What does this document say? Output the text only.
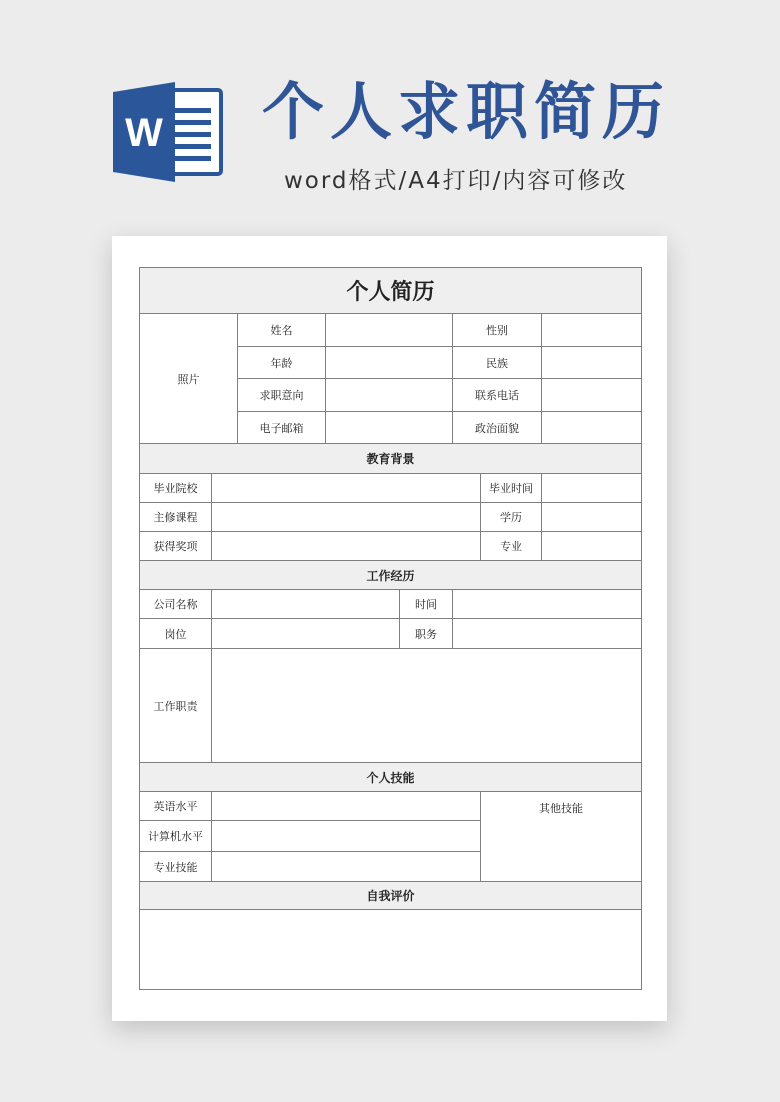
W 个人求职简历
word格式/A4打印/内容可修改
个人简历							
照片		姓名			性别		
		年龄			民族		
		求职意向			联系电话		
		电子邮箱			政治面貌		
教育背景							
毕业院校						毕业时间	
主修课程						学历	
获得奖项						专业	
工作经历							
公司名称				时间			
岗位				职务			
工作职责							
个人技能							
英语水平						其他技能	
计算机水平							
专业技能							
自我评价							
